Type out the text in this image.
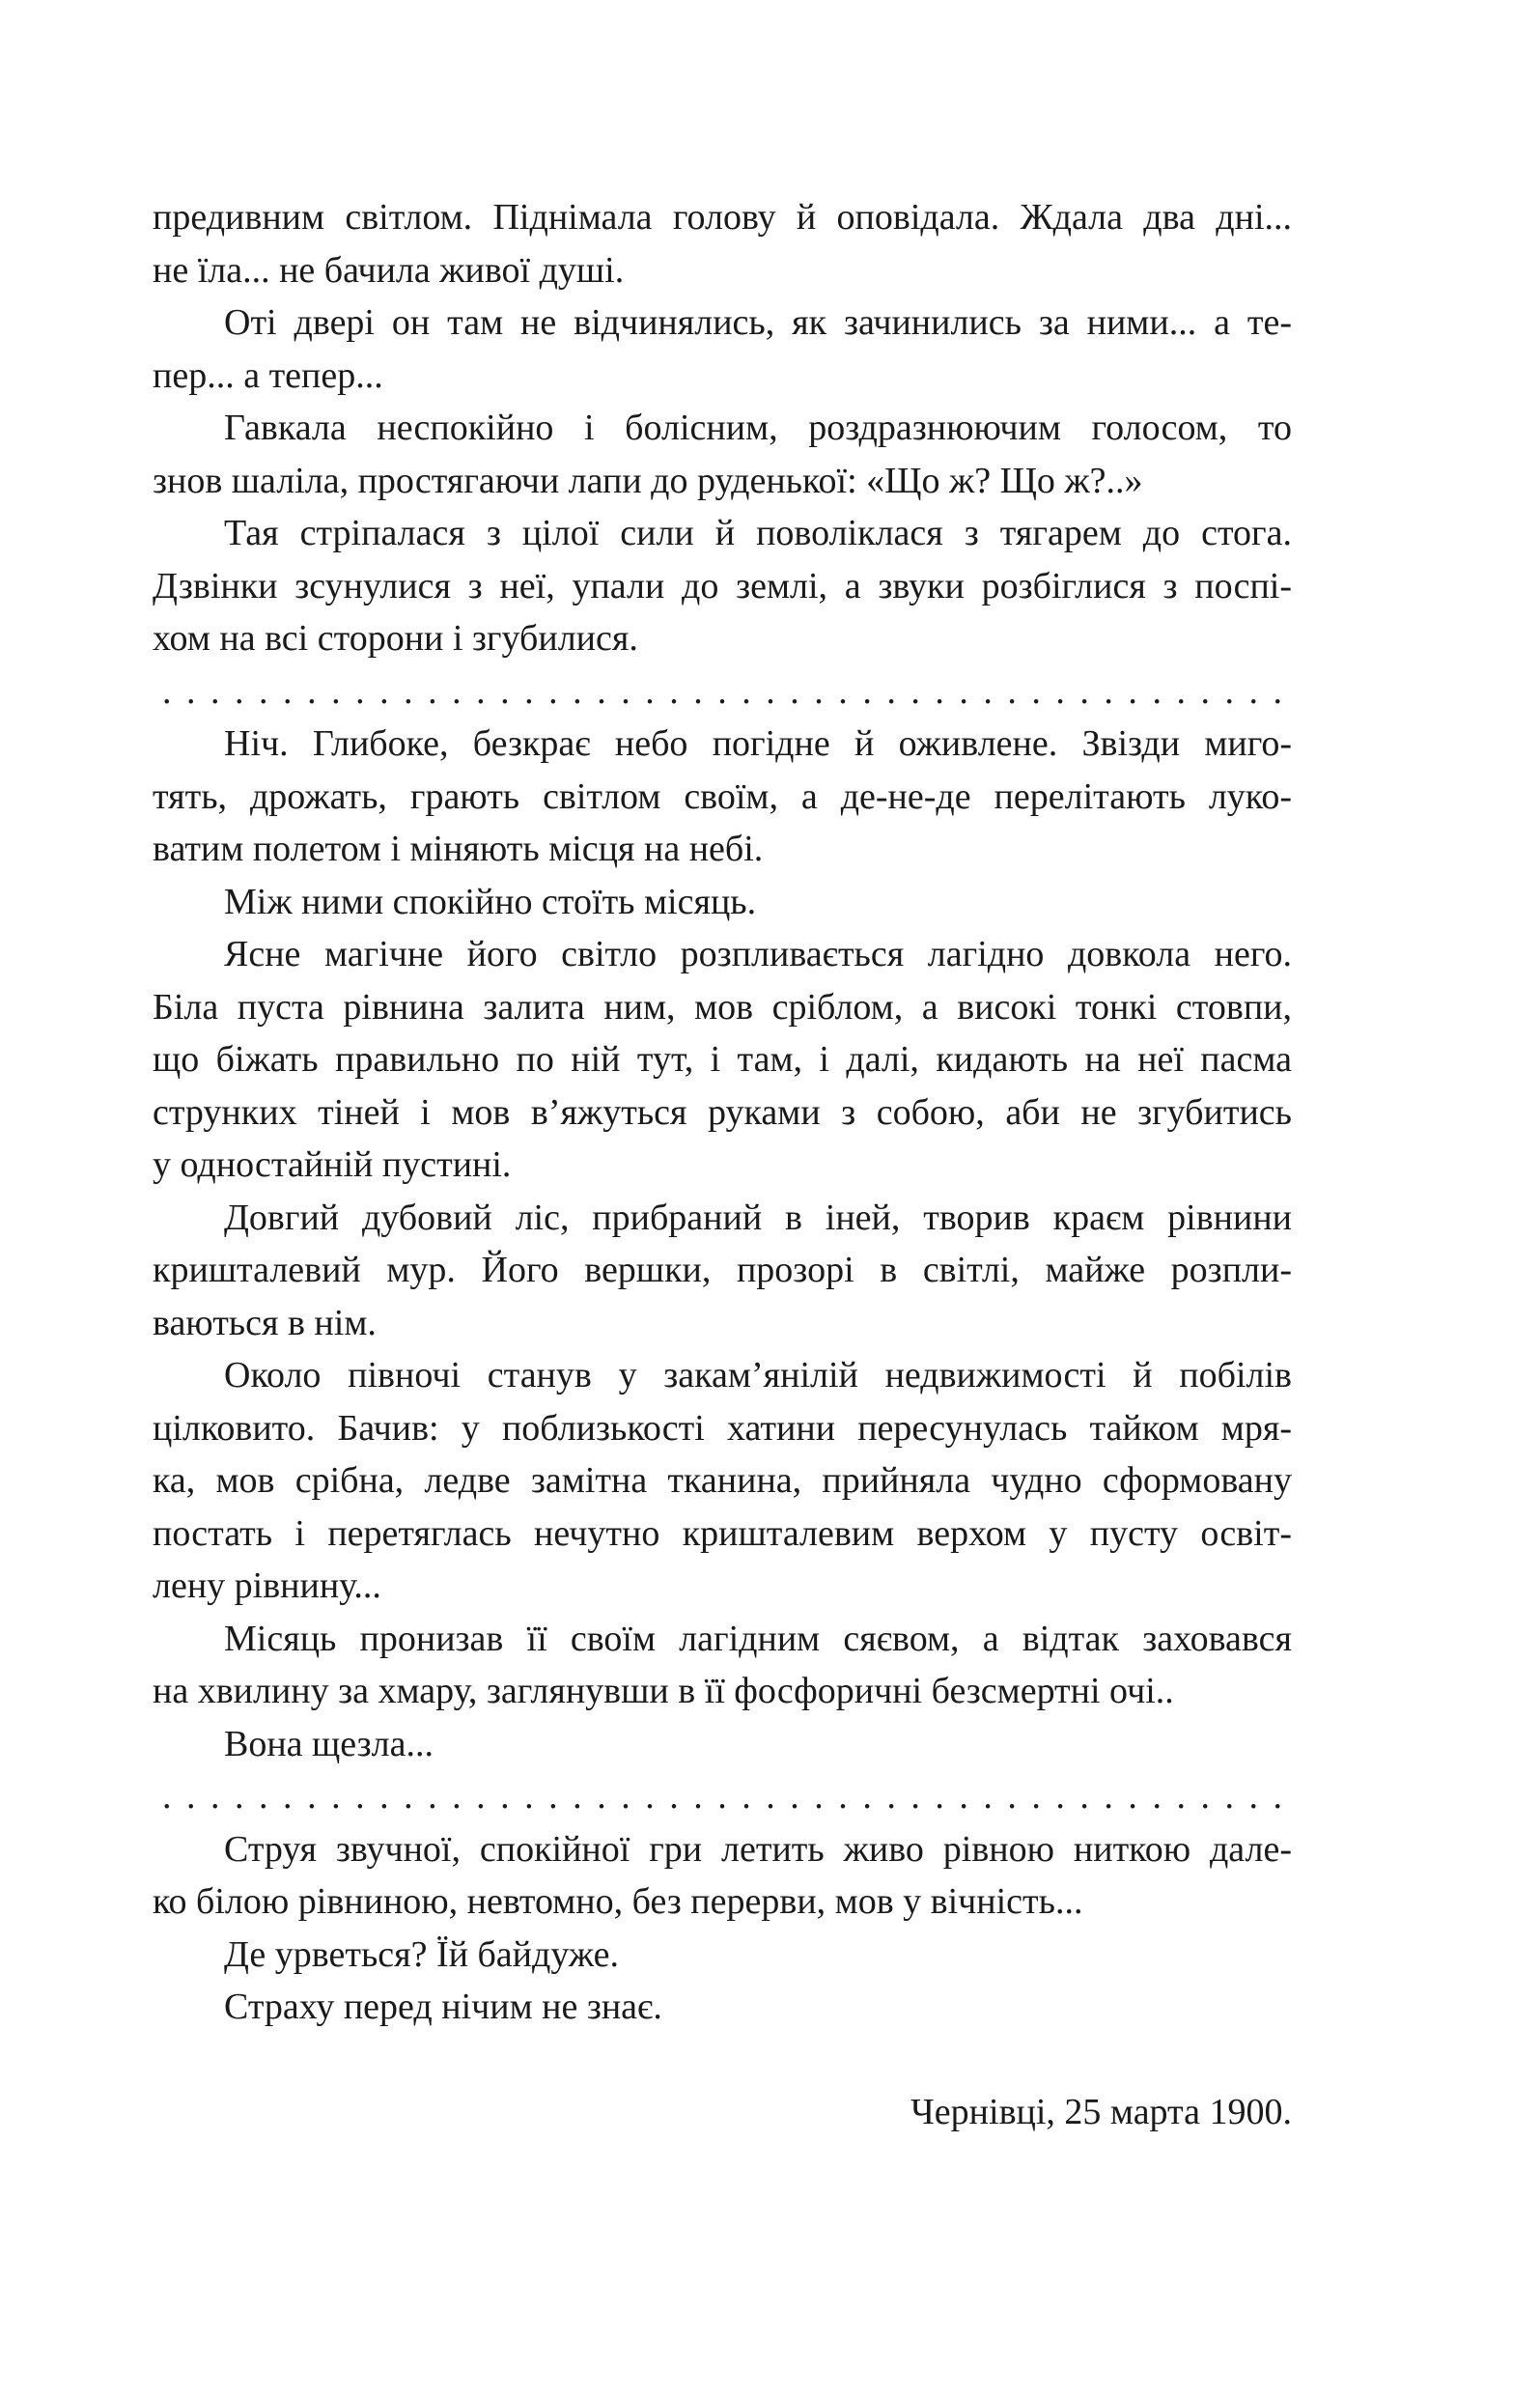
предивним світлом. Піднімала голову й оповідала. Ждала два дні...
не їла... не бачила живої душі.
Оті двері он там не відчинялись, як зачинились за ними... а те-
пер... а тепер...
Гавкала неспокійно і болісним, роздразнюючим голосом, то
знов шаліла, простягаючи лапи до руденької: «Що ж? Що ж?..»
Тая стріпалася з цілої сили й поволіклася з тягарем до стога.
Дзвінки зсунулися з неї, упали до землі, а звуки розбіглися з поспі-
хом на всі сторони і згубилися.
. . . . . . . . . . . . . . . . . . . . . . . . . . . . . . . . . . . . . . . . . . . . . . .
Ніч. Глибоке, безкрає небо погідне й оживлене. Звізди миго-
тять, дрожать, грають світлом своїм, а де-не-де перелітають луко-
ватим полетом і міняють місця на небі.
Між ними спокійно стоїть місяць.
Ясне магічне його світло розпливається лагідно довкола него.
Біла пуста рівнина залита ним, мов сріблом, а високі тонкі стовпи,
що біжать правильно по ній тут, і там, і далі, кидають на неї пасма
струнких тіней і мов в’яжуться руками з собою, аби не згубитись
у одностайній пустині.
Довгий дубовий ліс, прибраний в іней, творив краєм рівнини
кришталевий мур. Його вершки, прозорі в світлі, майже розпли-
ваються в нім.
Около півночі станув у закам’янілій недвижимості й побілів
цілковито. Бачив: у поблизькості хатини пересунулась тайком мря-
ка, мов срібна, ледве замітна тканина, прийняла чудно сформовану
постать і перетяглась нечутно кришталевим верхом у пусту освіт-
лену рівнину...
Місяць пронизав її своїм лагідним сяєвом, а відтак заховався
на хвилину за хмару, заглянувши в її фосфоричні безсмертні очі..
Вона щезла...
. . . . . . . . . . . . . . . . . . . . . . . . . . . . . . . . . . . . . . . . . . . . . . .
Струя звучної, спокійної гри летить живо рівною ниткою дале-
ко білою рівниною, невтомно, без перерви, мов у вічність...
Де урветься? Їй байдуже.
Страху перед нічим не знає.
Чернівці, 25 марта 1900.
